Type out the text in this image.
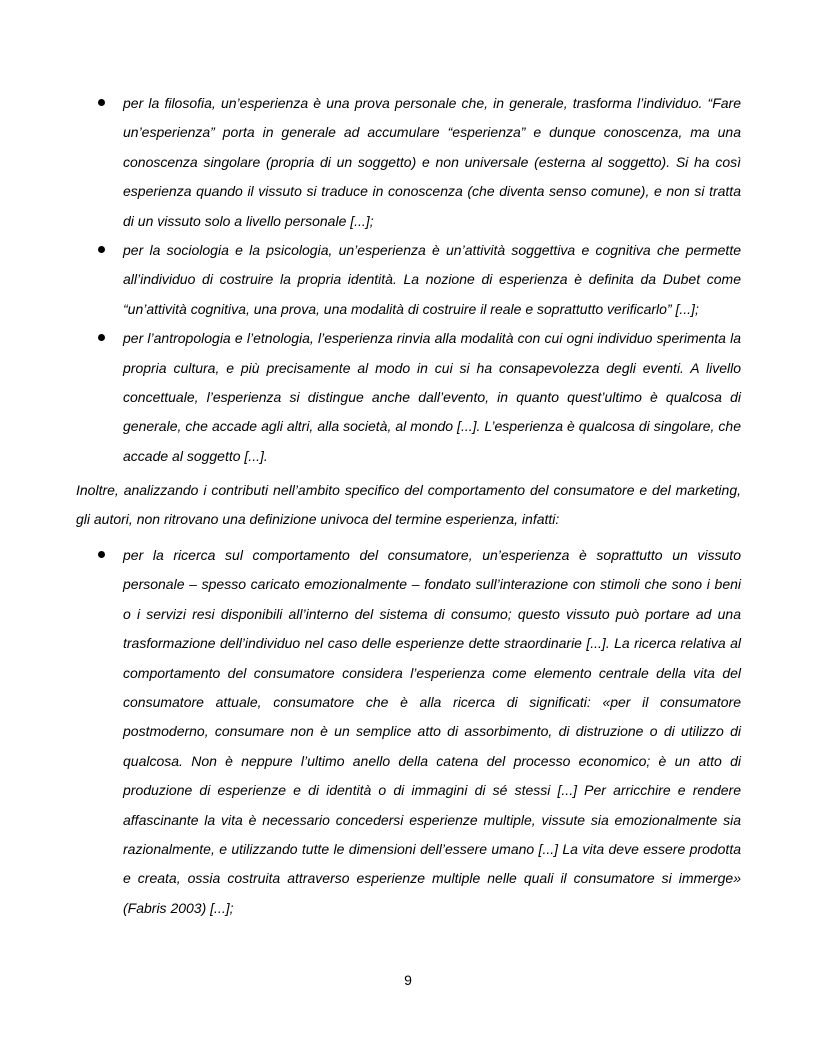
per la filosofia, un’esperienza è una prova personale che, in generale, trasforma l’individuo. “Fare un’esperienza” porta in generale ad accumulare “esperienza” e dunque conoscenza, ma una conoscenza singolare (propria di un soggetto) e non universale (esterna al soggetto). Si ha così esperienza quando il vissuto si traduce in conoscenza (che diventa senso comune), e non si tratta di un vissuto solo a livello personale [...];
per la sociologia e la psicologia, un’esperienza è un’attività soggettiva e cognitiva che permette all’individuo di costruire la propria identità. La nozione di esperienza è definita da Dubet come “un’attività cognitiva, una prova, una modalità di costruire il reale e soprattutto verificarlo” [...];
per l’antropologia e l’etnologia, l’esperienza rinvia alla modalità con cui ogni individuo sperimenta la propria cultura, e più precisamente al modo in cui si ha consapevolezza degli eventi. A livello concettuale, l’esperienza si distingue anche dall’evento, in quanto quest’ultimo è qualcosa di generale, che accade agli altri, alla società, al mondo [...]. L’esperienza è qualcosa di singolare, che accade al soggetto [...].

Inoltre, analizzando i contributi nell’ambito specifico del comportamento del consumatore e del marketing, gli autori, non ritrovano una definizione univoca del termine esperienza, infatti:

per la ricerca sul comportamento del consumatore, un’esperienza è soprattutto un vissuto personale – spesso caricato emozionalmente – fondato sull’interazione con stimoli che sono i beni o i servizi resi disponibili all’interno del sistema di consumo; questo vissuto può portare ad una trasformazione dell’individuo nel caso delle esperienze dette straordinarie [...]. La ricerca relativa al comportamento del consumatore considera l’esperienza come elemento centrale della vita del consumatore attuale, consumatore che è alla ricerca di significati: «per il consumatore postmoderno, consumare non è un semplice atto di assorbimento, di distruzione o di utilizzo di qualcosa. Non è neppure l’ultimo anello della catena del processo economico; è un atto di produzione di esperienze e di identità o di immagini di sé stessi [...] Per arricchire e rendere affascinante la vita è necessario concedersi esperienze multiple, vissute sia emozionalmente sia razionalmente, e utilizzando tutte le dimensioni dell’essere umano [...] La vita deve essere prodotta e creata, ossia costruita attraverso esperienze multiple nelle quali il consumatore si immerge» (Fabris 2003) [...];
9
